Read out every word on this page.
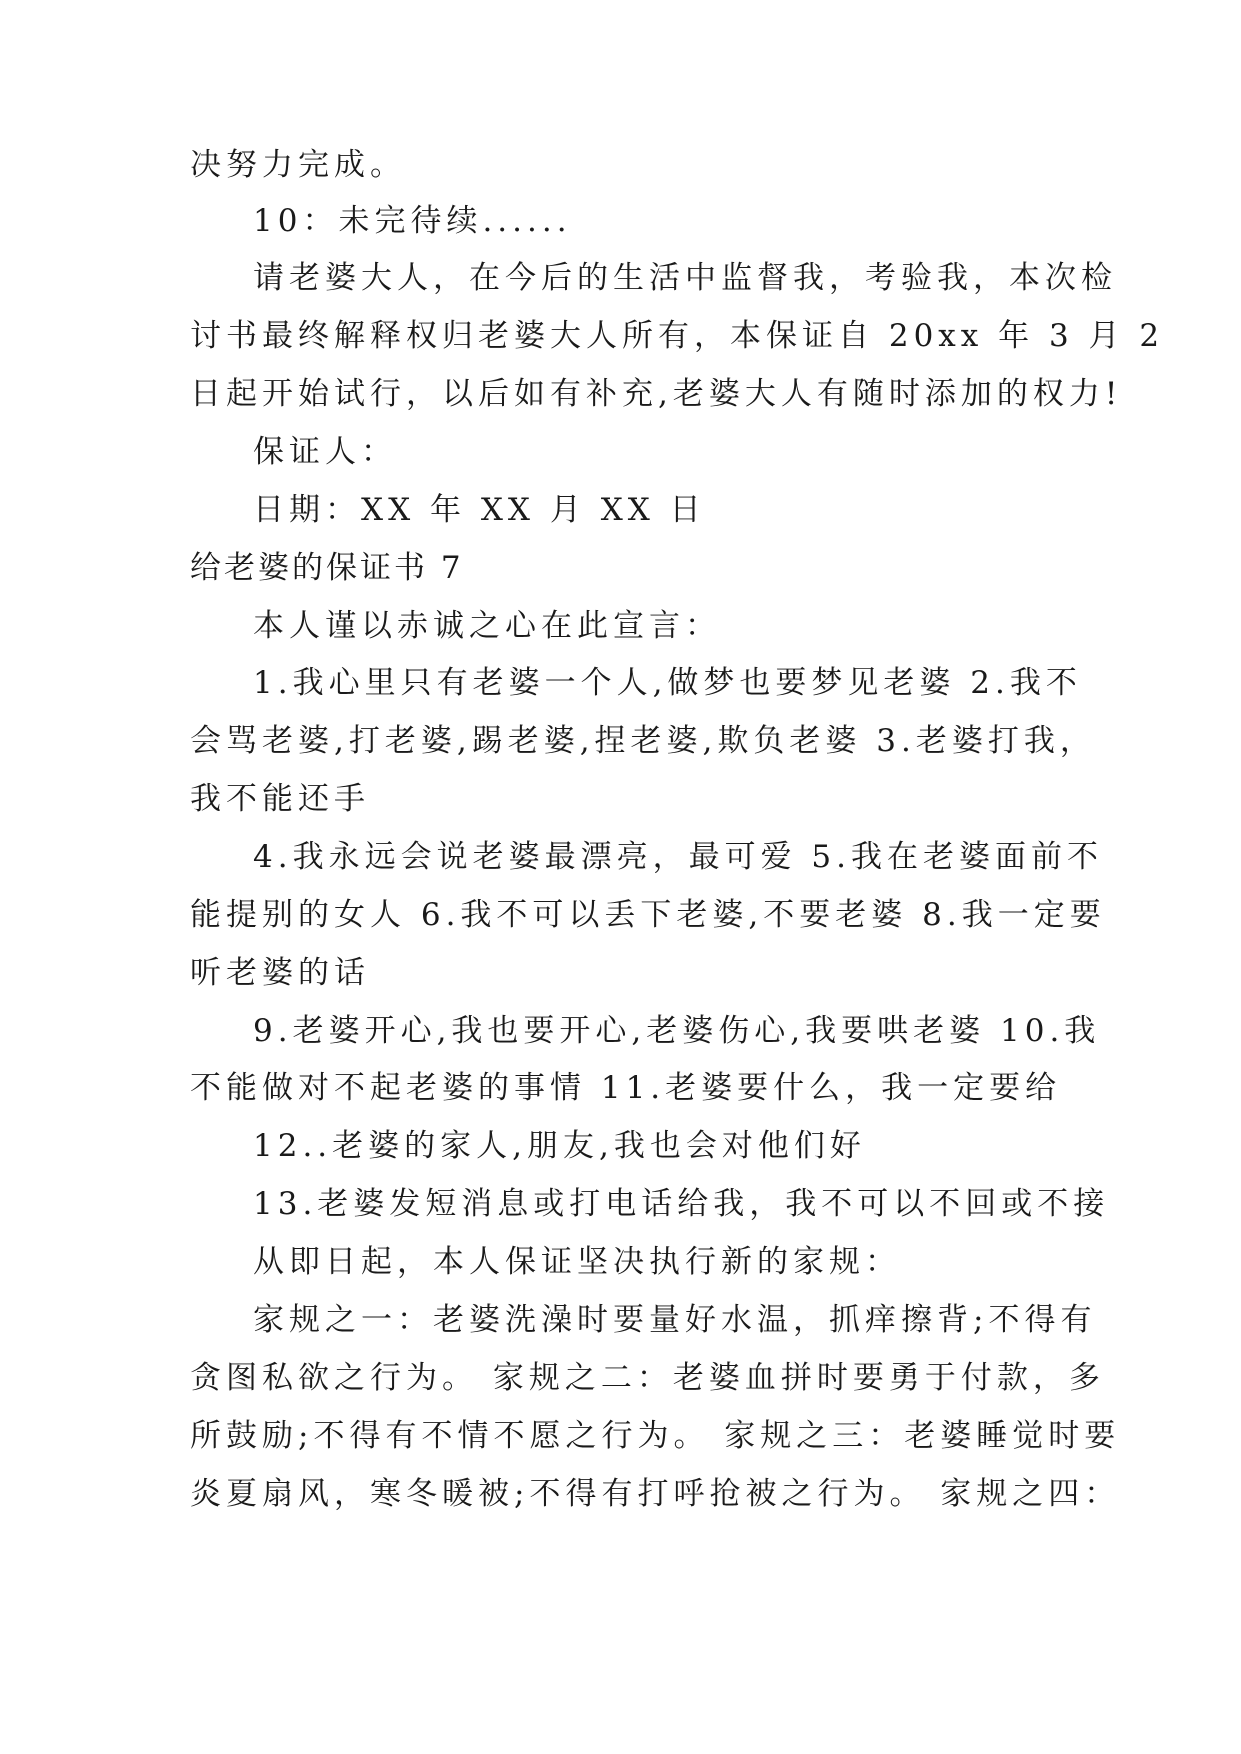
决努力完成。
10：未完待续......
请老婆大人，在今后的生活中监督我，考验我，本次检
讨书最终解释权归老婆大人所有，本保证自 20xx 年 3 月 2
日起开始试行，以后如有补充,老婆大人有随时添加的权力!
保证人：
日期：XX 年 XX 月 XX 日
给老婆的保证书 7
本人谨以赤诚之心在此宣言：
1.我心里只有老婆一个人,做梦也要梦见老婆 2.我不
会骂老婆,打老婆,踢老婆,捏老婆,欺负老婆 3.老婆打我，
我不能还手
4.我永远会说老婆最漂亮，最可爱 5.我在老婆面前不
能提别的女人 6.我不可以丢下老婆,不要老婆 8.我一定要
听老婆的话
9.老婆开心,我也要开心,老婆伤心,我要哄老婆 10.我
不能做对不起老婆的事情 11.老婆要什么，我一定要给
12..老婆的家人,朋友,我也会对他们好
13.老婆发短消息或打电话给我，我不可以不回或不接
从即日起，本人保证坚决执行新的家规：
家规之一：老婆洗澡时要量好水温，抓痒擦背;不得有
贪图私欲之行为。 家规之二：老婆血拼时要勇于付款，多
所鼓励;不得有不情不愿之行为。 家规之三：老婆睡觉时要
炎夏扇风，寒冬暖被;不得有打呼抢被之行为。 家规之四：
